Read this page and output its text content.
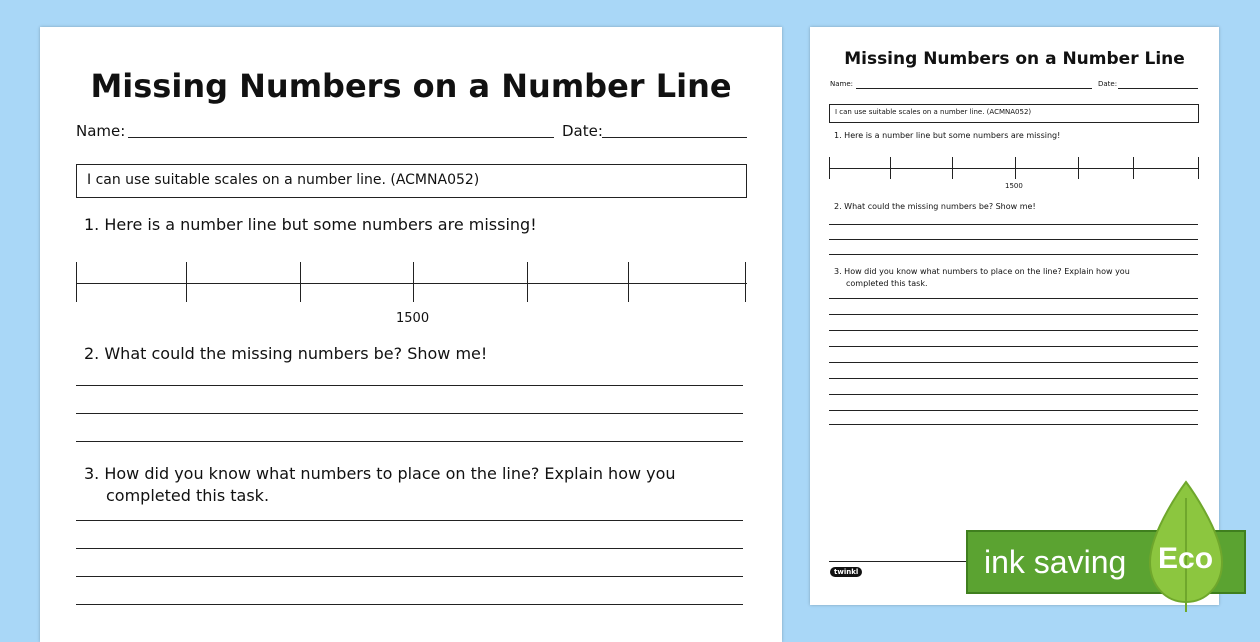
Missing Numbers on a Number Line
Name:	Date:
I can use suitable scales on a number line. (ACMNA052)
1. Here is a number line but some numbers are missing!
1500
2. What could the missing numbers be? Show me!
3. How did you know what numbers to place on the line? Explain how you
completed this task.
Missing Numbers on a Number Line
Name:	Date:
I can use suitable scales on a number line. (ACMNA052)
1. Here is a number line but some numbers are missing!
1500
2. What could the missing numbers be? Show me!
3. How did you know what numbers to place on the line? Explain how you
completed this task.
twinkl	ink saving Eco
